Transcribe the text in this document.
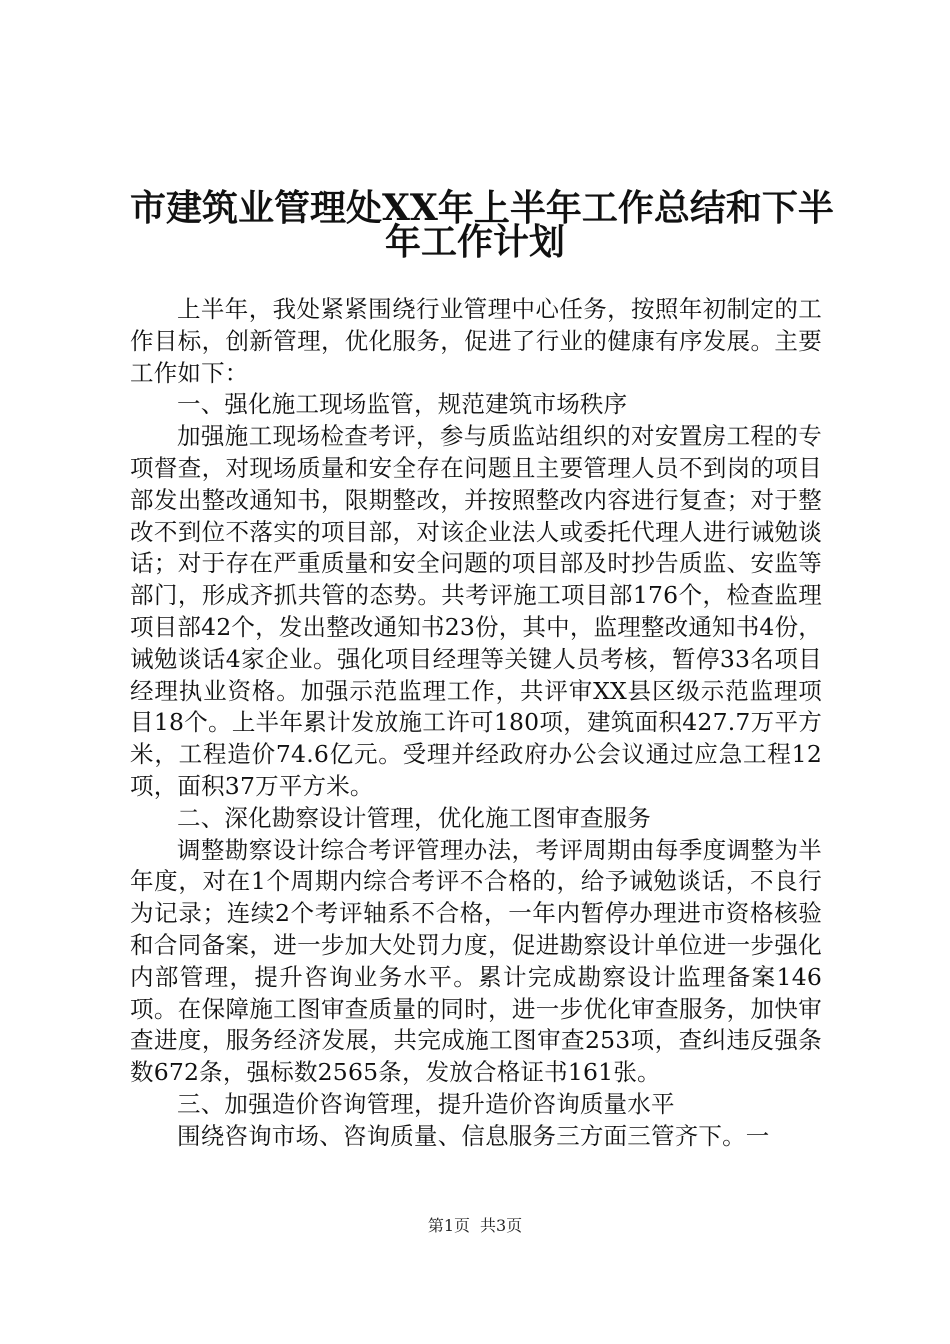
市建筑业管理处XX年上半年工作总结和下半
年工作计划

上半年，我处紧紧围绕行业管理中心任务，按照年初制定的工作目标，创新管理，优化服务，促进了行业的健康有序发展。主要工作如下：

一、强化施工现场监管，规范建筑市场秩序

加强施工现场检查考评，参与质监站组织的对安置房工程的专项督查，对现场质量和安全存在问题且主要管理人员不到岗的项目部发出整改通知书，限期整改，并按照整改内容进行复查；对于整改不到位不落实的项目部，对该企业法人或委托代理人进行诫勉谈话；对于存在严重质量和安全问题的项目部及时抄告质监、安监等部门，形成齐抓共管的态势。共考评施工项目部176个，检查监理项目部42个，发出整改通知书23份，其中，监理整改通知书4份，诫勉谈话4家企业。强化项目经理等关键人员考核，暂停33名项目经理执业资格。加强示范监理工作，共评审XX县区级示范监理项目18个。上半年累计发放施工许可180项，建筑面积427.7万平方米，工程造价74.6亿元。受理并经政府办公会议通过应急工程12项，面积37万平方米。

二、深化勘察设计管理，优化施工图审查服务

调整勘察设计综合考评管理办法，考评周期由每季度调整为半年度，对在1个周期内综合考评不合格的，给予诫勉谈话，不良行为记录；连续2个考评轴系不合格，一年内暂停办理进市资格核验和合同备案，进一步加大处罚力度，促进勘察设计单位进一步强化内部管理，提升咨询业务水平。累计完成勘察设计监理备案146项。在保障施工图审查质量的同时，进一步优化审查服务，加快审查进度，服务经济发展，共完成施工图审查253项，查纠违反强条数672条，强标数2565条，发放合格证书161张。

三、加强造价咨询管理，提升造价咨询质量水平

围绕咨询市场、咨询质量、信息服务三方面三管齐下。一

第1页 共3页
